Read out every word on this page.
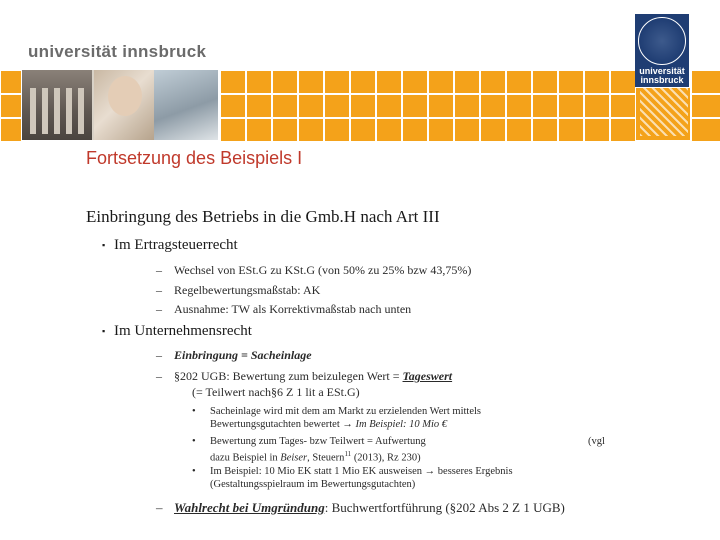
universität innsbruck
universität
innsbruck
Fortsetzung des Beispiels I
Einbringung des Betriebs in die Gmb.H nach Art III
▪ Im Ertragsteuerrecht
– Wechsel von ESt.G zu KSt.G (von 50% zu 25% bzw 43,75%)
– Regelbewertungsmaßstab: AK
– Ausnahme: TW als Korrektivmaßstab nach unten
▪ Im Unternehmensrecht
– Einbringung = Sacheinlage
– §202 UGB: Bewertung zum beizulegen Wert = Tageswert
(= Teilwert nach§6 Z 1 lit a ESt.G)
• Sacheinlage wird mit dem am Markt zu erzielenden Wert mittels
Bewertungsgutachten bewertet → Im Beispiel: 10 Mio €
• Bewertung zum Tages- bzw Teilwert = Aufwertung	(vgl
dazu Beispiel in Beiser, Steuern$^{11}$ (2013), Rz 230)
• Im Beispiel: 10 Mio EK statt 1 Mio EK ausweisen → besseres Ergebnis
(Gestaltungsspielraum im Bewertungsgutachten)
– Wahlrecht bei Umgründung: Buchwertfortführung (§202 Abs 2 Z 1 UGB)
